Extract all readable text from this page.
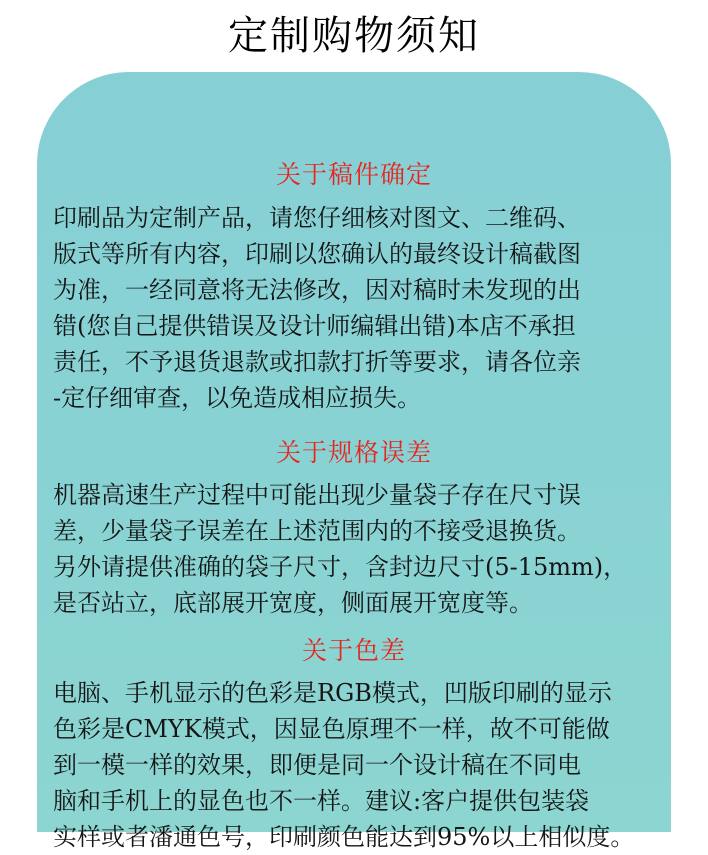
定制购物须知
关于稿件确定
印刷品为定制产品，请您仔细核对图文、二维码、
版式等所有内容，印刷以您确认的最终设计稿截图
为准，一经同意将无法修改，因对稿时未发现的出
错(您自己提供错误及设计师编辑出错)本店不承担
责任，不予退货退款或扣款打折等要求，请各位亲
-定仔细审查，以免造成相应损失。
关于规格误差
机器高速生产过程中可能出现少量袋子存在尺寸误
差，少量袋子误差在上述范围内的不接受退换货。
另外请提供准确的袋子尺寸，含封边尺寸(5-15mm)，
是否站立，底部展开宽度，侧面展开宽度等。
关于色差
电脑、手机显示的色彩是RGB模式，凹版印刷的显示
色彩是CMYK模式，因显色原理不一样，故不可能做
到一模一样的效果，即便是同一个设计稿在不同电
脑和手机上的显色也不一样。建议:客户提供包装袋
实样或者潘通色号，印刷颜色能达到95%以上相似度。
